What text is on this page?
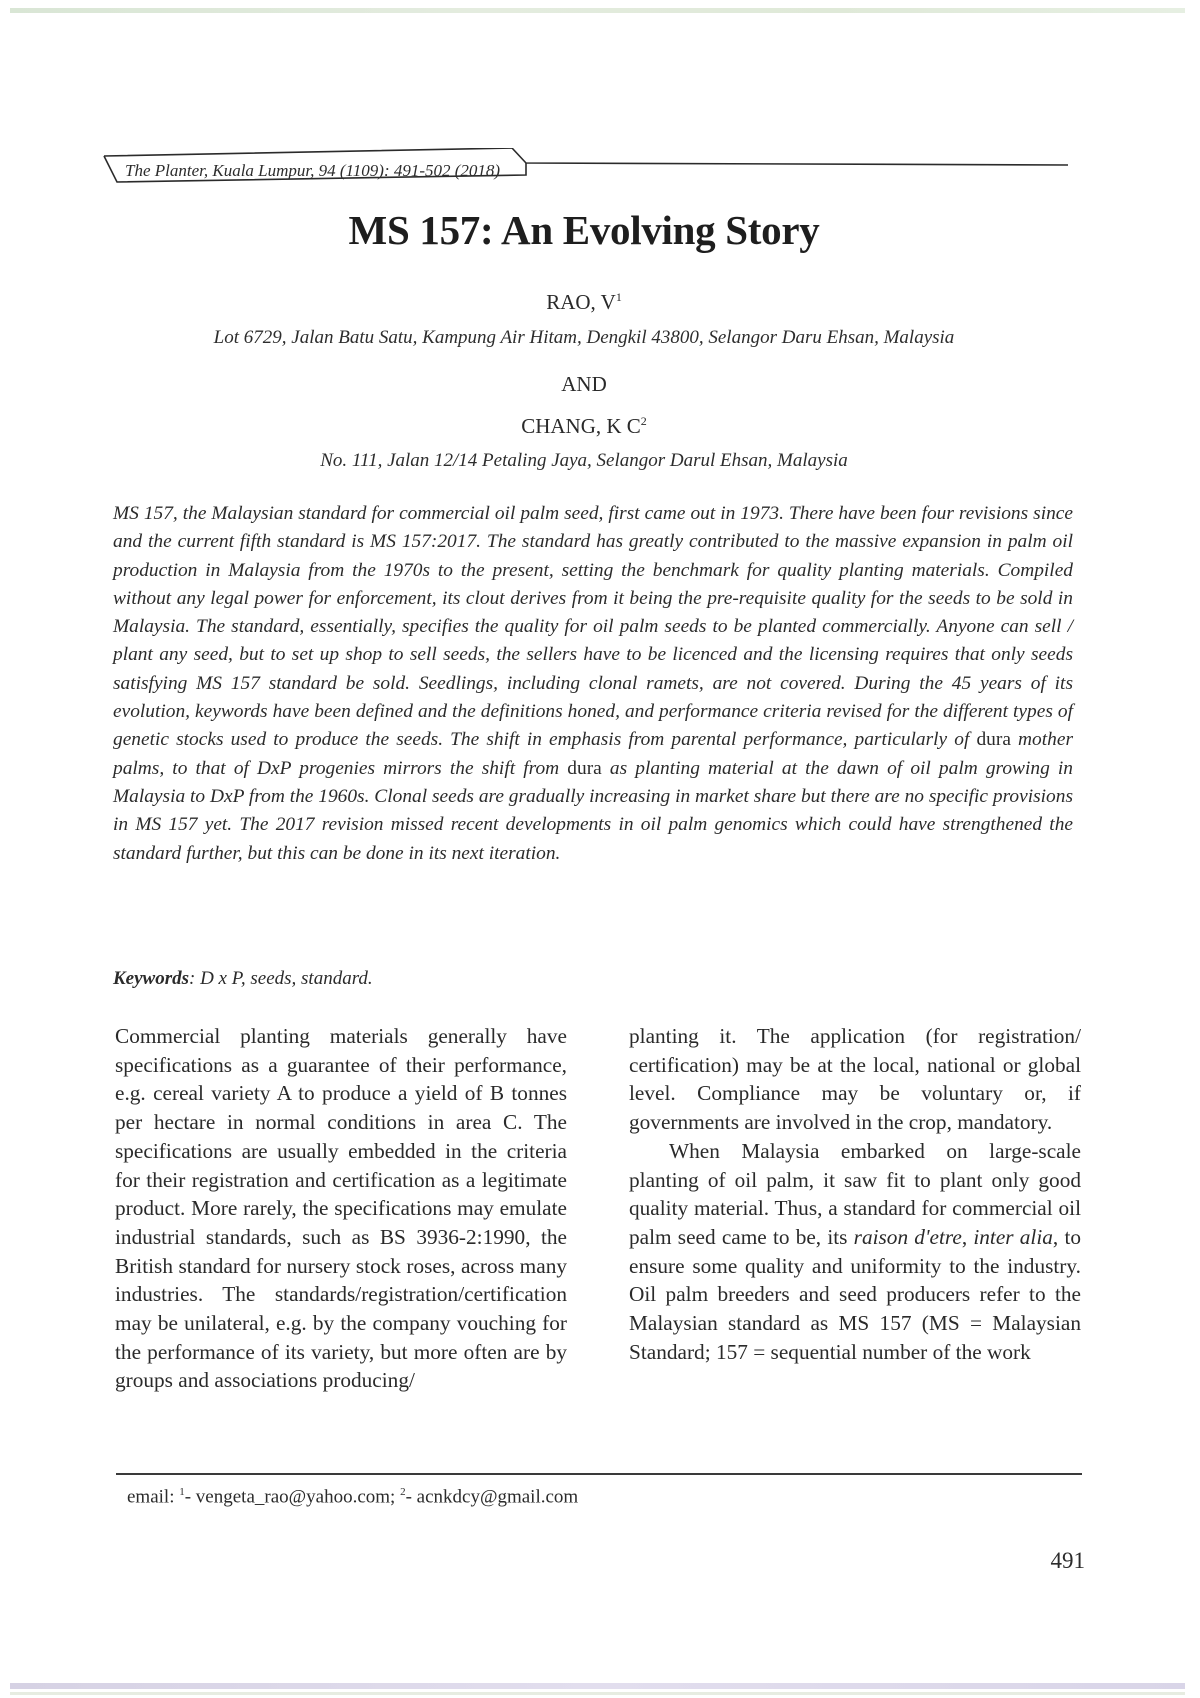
The Planter, Kuala Lumpur, 94 (1109): 491-502 (2018)
MS 157: An Evolving Story
RAO, $V^1$
Lot 6729, Jalan Batu Satu, Kampung Air Hitam, Dengkil 43800, Selangor Daru Ehsan, Malaysia
AND
CHANG, K $C^2$
No. 111, Jalan 12/14 Petaling Jaya, Selangor Darul Ehsan, Malaysia
MS 157, the Malaysian standard for commercial oil palm seed, first came out in 1973. There have been four revisions since and the current fifth standard is MS 157:2017. The standard has greatly contributed to the massive expansion in palm oil production in Malaysia from the 1970s to the present, setting the benchmark for quality planting materials. Compiled without any legal power for enforcement, its clout derives from it being the pre-requisite quality for the seeds to be sold in Malaysia. The standard, essentially, specifies the quality for oil palm seeds to be planted commercially. Anyone can sell / plant any seed, but to set up shop to sell seeds, the sellers have to be licenced and the licensing requires that only seeds satisfying MS 157 standard be sold. Seedlings, including clonal ramets, are not covered. During the 45 years of its evolution, keywords have been defined and the definitions honed, and performance criteria revised for the different types of genetic stocks used to produce the seeds. The shift in emphasis from parental performance, particularly of dura mother palms, to that of DxP progenies mirrors the shift from dura as planting material at the dawn of oil palm growing in Malaysia to DxP from the 1960s. Clonal seeds are gradually increasing in market share but there are no specific provisions in MS 157 yet. The 2017 revision missed recent developments in oil palm genomics which could have strengthened the standard further, but this can be done in its next iteration.
Keywords: D x P, seeds, standard.

Commercial planting materials generally have specifications as a guarantee of their performance, e.g. cereal variety A to produce a yield of B tonnes per hectare in normal conditions in area C. The specifications are usually embedded in the criteria for their registration and certification as a legitimate product. More rarely, the specifications may emulate industrial standards, such as BS 3936-2:1990, the British standard for nursery stock roses, across many industries. The standards/registration/certification may be unilateral, e.g. by the company vouching for the performance of its variety, but more often are by groups and associations producing/

planting it. The application (for registration/ certification) may be at the local, national or global level. Compliance may be voluntary or, if governments are involved in the crop, mandatory.

When Malaysia embarked on large-scale planting of oil palm, it saw fit to plant only good quality material. Thus, a standard for commercial oil palm seed came to be, its raison d'etre, inter alia, to ensure some quality and uniformity to the industry. Oil palm breeders and seed producers refer to the Malaysian standard as MS 157 (MS = Malaysian Standard; 157 = sequential number of the work

email: $^1$- vengeta_rao@yahoo.com; $^2$- acnkdcy@gmail.com
491
